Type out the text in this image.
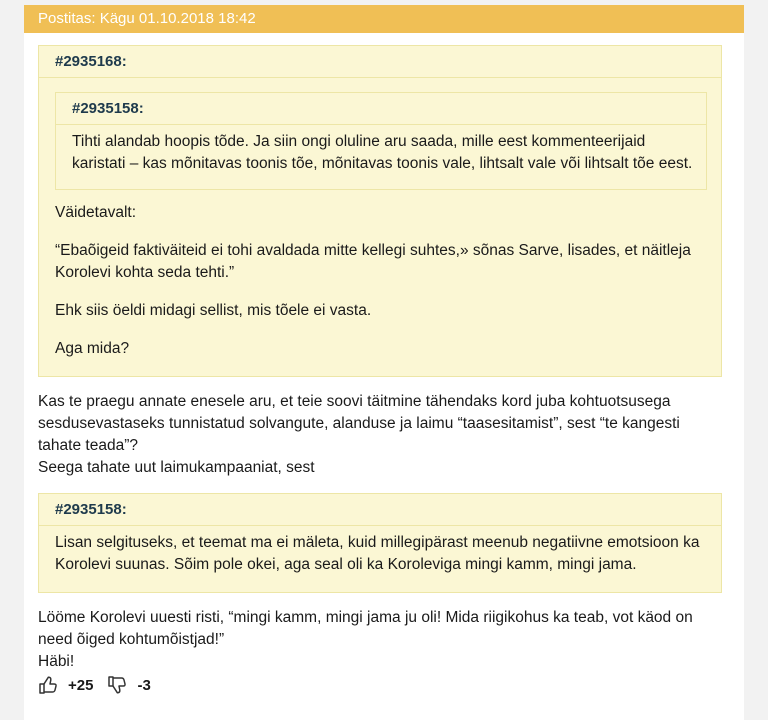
Postitas: Kägu 01.10.2018 18:42
#2935168:
#2935158:

Tihti alandab hoopis tõde. Ja siin ongi oluline aru saada, mille eest kommenteerijaid karistati – kas mõnitavas toonis tõe, mõnitavas toonis vale, lihtsalt vale või lihtsalt tõe eest.

Väidetavalt:

“Ebaõigeid faktiväiteid ei tohi avaldada mitte kellegi suhtes,» sõnas Sarve, lisades, et näitleja Korolevi kohta seda tehti.”

Ehk siis öeldi midagi sellist, mis tõele ei vasta.

Aga mida?

Kas te praegu annate enesele aru, et teie soovi täitmine tähendaks kord juba kohtuotsusega sesdusevastaseks tunnistatud solvangute, alanduse ja laimu “taasesitamist”, sest “te kangesti tahate teada”?

Seega tahate uut laimukampaaniat, sest

#2935158:

Lisan selgituseks, et teemat ma ei mäleta, kuid millegipärast meenub negatiivne emotsioon ka Korolevi suunas. Sõim pole okei, aga seal oli ka Koroleviga mingi kamm, mingi jama.

Lööme Korolevi uuesti risti, “mingi kamm, mingi jama ju oli! Mida riigikohus ka teab, vot käod on need õiged kohtumõistjad!”

Häbi!

+25	-3
